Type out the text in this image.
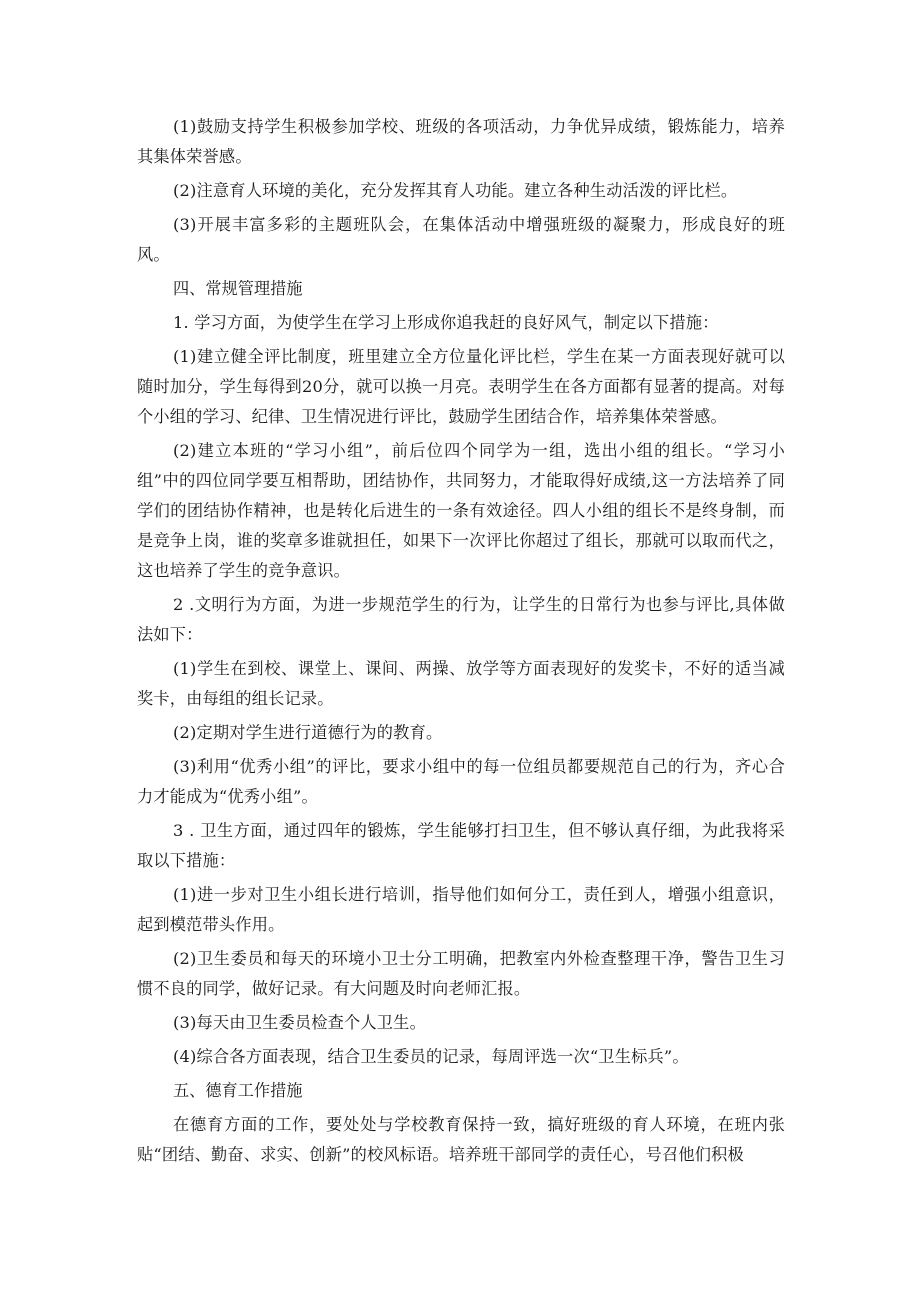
(1)鼓励支持学生积极参加学校、班级的各项活动，力争优异成绩，锻炼能力，培养其集体荣誉感。

(2)注意育人环境的美化，充分发挥其育人功能。建立各种生动活泼的评比栏。

(3)开展丰富多彩的主题班队会，在集体活动中增强班级的凝聚力，形成良好的班风。

四、常规管理措施

1. 学习方面，为使学生在学习上形成你追我赶的良好风气，制定以下措施：

(1)建立健全评比制度，班里建立全方位量化评比栏，学生在某一方面表现好就可以随时加分，学生每得到20分，就可以换一月亮。表明学生在各方面都有显著的提高。对每个小组的学习、纪律、卫生情况进行评比，鼓励学生团结合作，培养集体荣誉感。

(2)建立本班的“学习小组”，前后位四个同学为一组，选出小组的组长。“学习小组”中的四位同学要互相帮助，团结协作，共同努力，才能取得好成绩,这一方法培养了同学们的团结协作精神，也是转化后进生的一条有效途径。四人小组的组长不是终身制，而是竞争上岗，谁的奖章多谁就担任，如果下一次评比你超过了组长，那就可以取而代之，这也培养了学生的竞争意识。

2 .文明行为方面，为进一步规范学生的行为，让学生的日常行为也参与评比,具体做法如下：

(1)学生在到校、课堂上、课间、两操、放学等方面表现好的发奖卡，不好的适当减奖卡，由每组的组长记录。

(2)定期对学生进行道德行为的教育。

(3)利用“优秀小组”的评比，要求小组中的每一位组员都要规范自己的行为，齐心合力才能成为“优秀小组”。

3 . 卫生方面，通过四年的锻炼，学生能够打扫卫生，但不够认真仔细，为此我将采取以下措施：

(1)进一步对卫生小组长进行培训，指导他们如何分工，责任到人，增强小组意识，起到模范带头作用。

(2)卫生委员和每天的环境小卫士分工明确，把教室内外检查整理干净，警告卫生习惯不良的同学，做好记录。有大问题及时向老师汇报。

(3)每天由卫生委员检查个人卫生。

(4)综合各方面表现，结合卫生委员的记录，每周评选一次“卫生标兵”。

五、德育工作措施

在德育方面的工作，要处处与学校教育保持一致，搞好班级的育人环境，在班内张贴“团结、勤奋、求实、创新”的校风标语。培养班干部同学的责任心，号召他们积极
